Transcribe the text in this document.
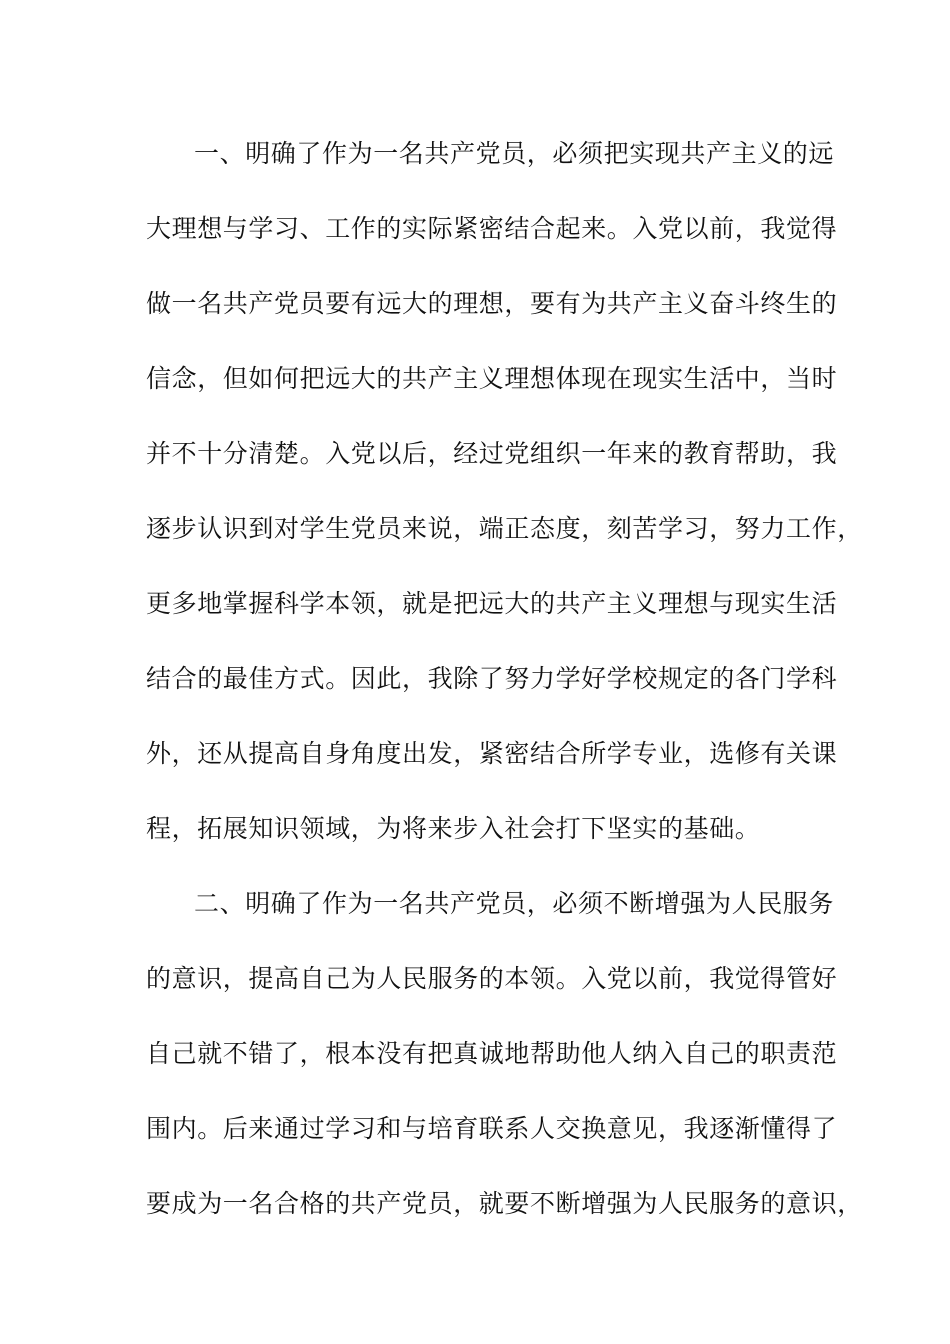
一、明确了作为一名共产党员，必须把实现共产主义的远
大理想与学习、工作的实际紧密结合起来。入党以前，我觉得
做一名共产党员要有远大的理想，要有为共产主义奋斗终生的
信念，但如何把远大的共产主义理想体现在现实生活中，当时
并不十分清楚。入党以后，经过党组织一年来的教育帮助，我
逐步认识到对学生党员来说，端正态度，刻苦学习，努力工作，
更多地掌握科学本领，就是把远大的共产主义理想与现实生活
结合的最佳方式。因此，我除了努力学好学校规定的各门学科
外，还从提高自身角度出发，紧密结合所学专业，选修有关课
程，拓展知识领域，为将来步入社会打下坚实的基础。
二、明确了作为一名共产党员，必须不断增强为人民服务
的意识，提高自己为人民服务的本领。入党以前，我觉得管好
自己就不错了，根本没有把真诚地帮助他人纳入自己的职责范
围内。后来通过学习和与培育联系人交换意见，我逐渐懂得了
要成为一名合格的共产党员，就要不断增强为人民服务的意识，
